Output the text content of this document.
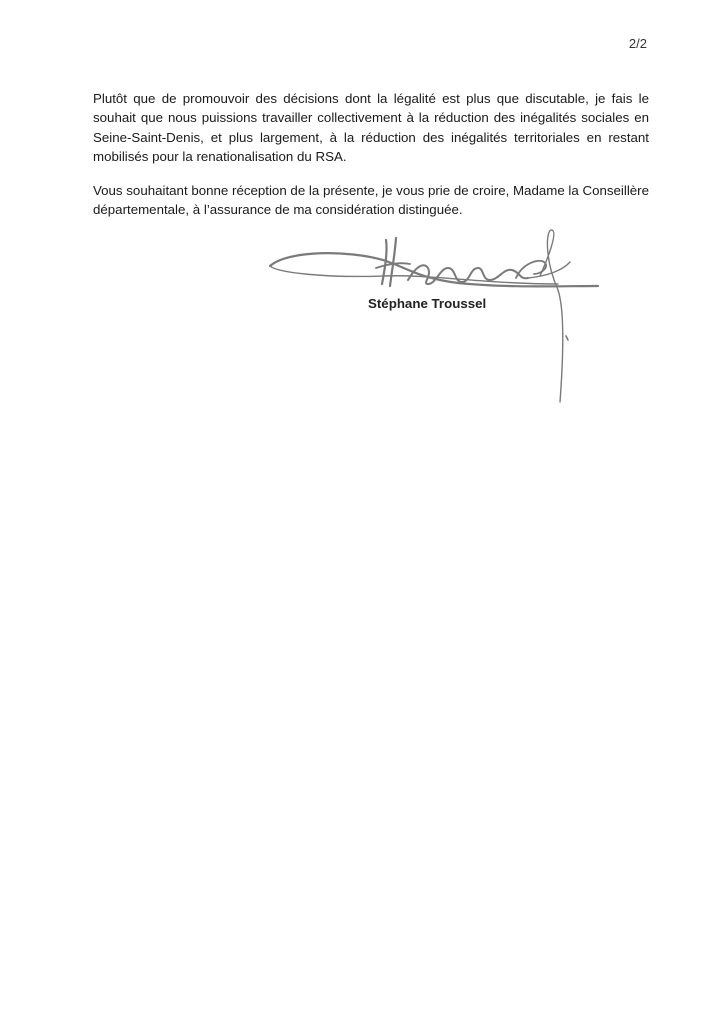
2/2

Plutôt que de promouvoir des décisions dont la légalité est plus que discutable, je fais le souhait que nous puissions travailler collectivement à la réduction des inégalités sociales en Seine-Saint-Denis, et plus largement, à la réduction des inégalités territoriales en restant mobilisés pour la renationalisation du RSA.

Vous souhaitant bonne réception de la présente, je vous prie de croire, Madame la Conseillère départementale, à l’assurance de ma considération distinguée.

Stéphane Troussel
